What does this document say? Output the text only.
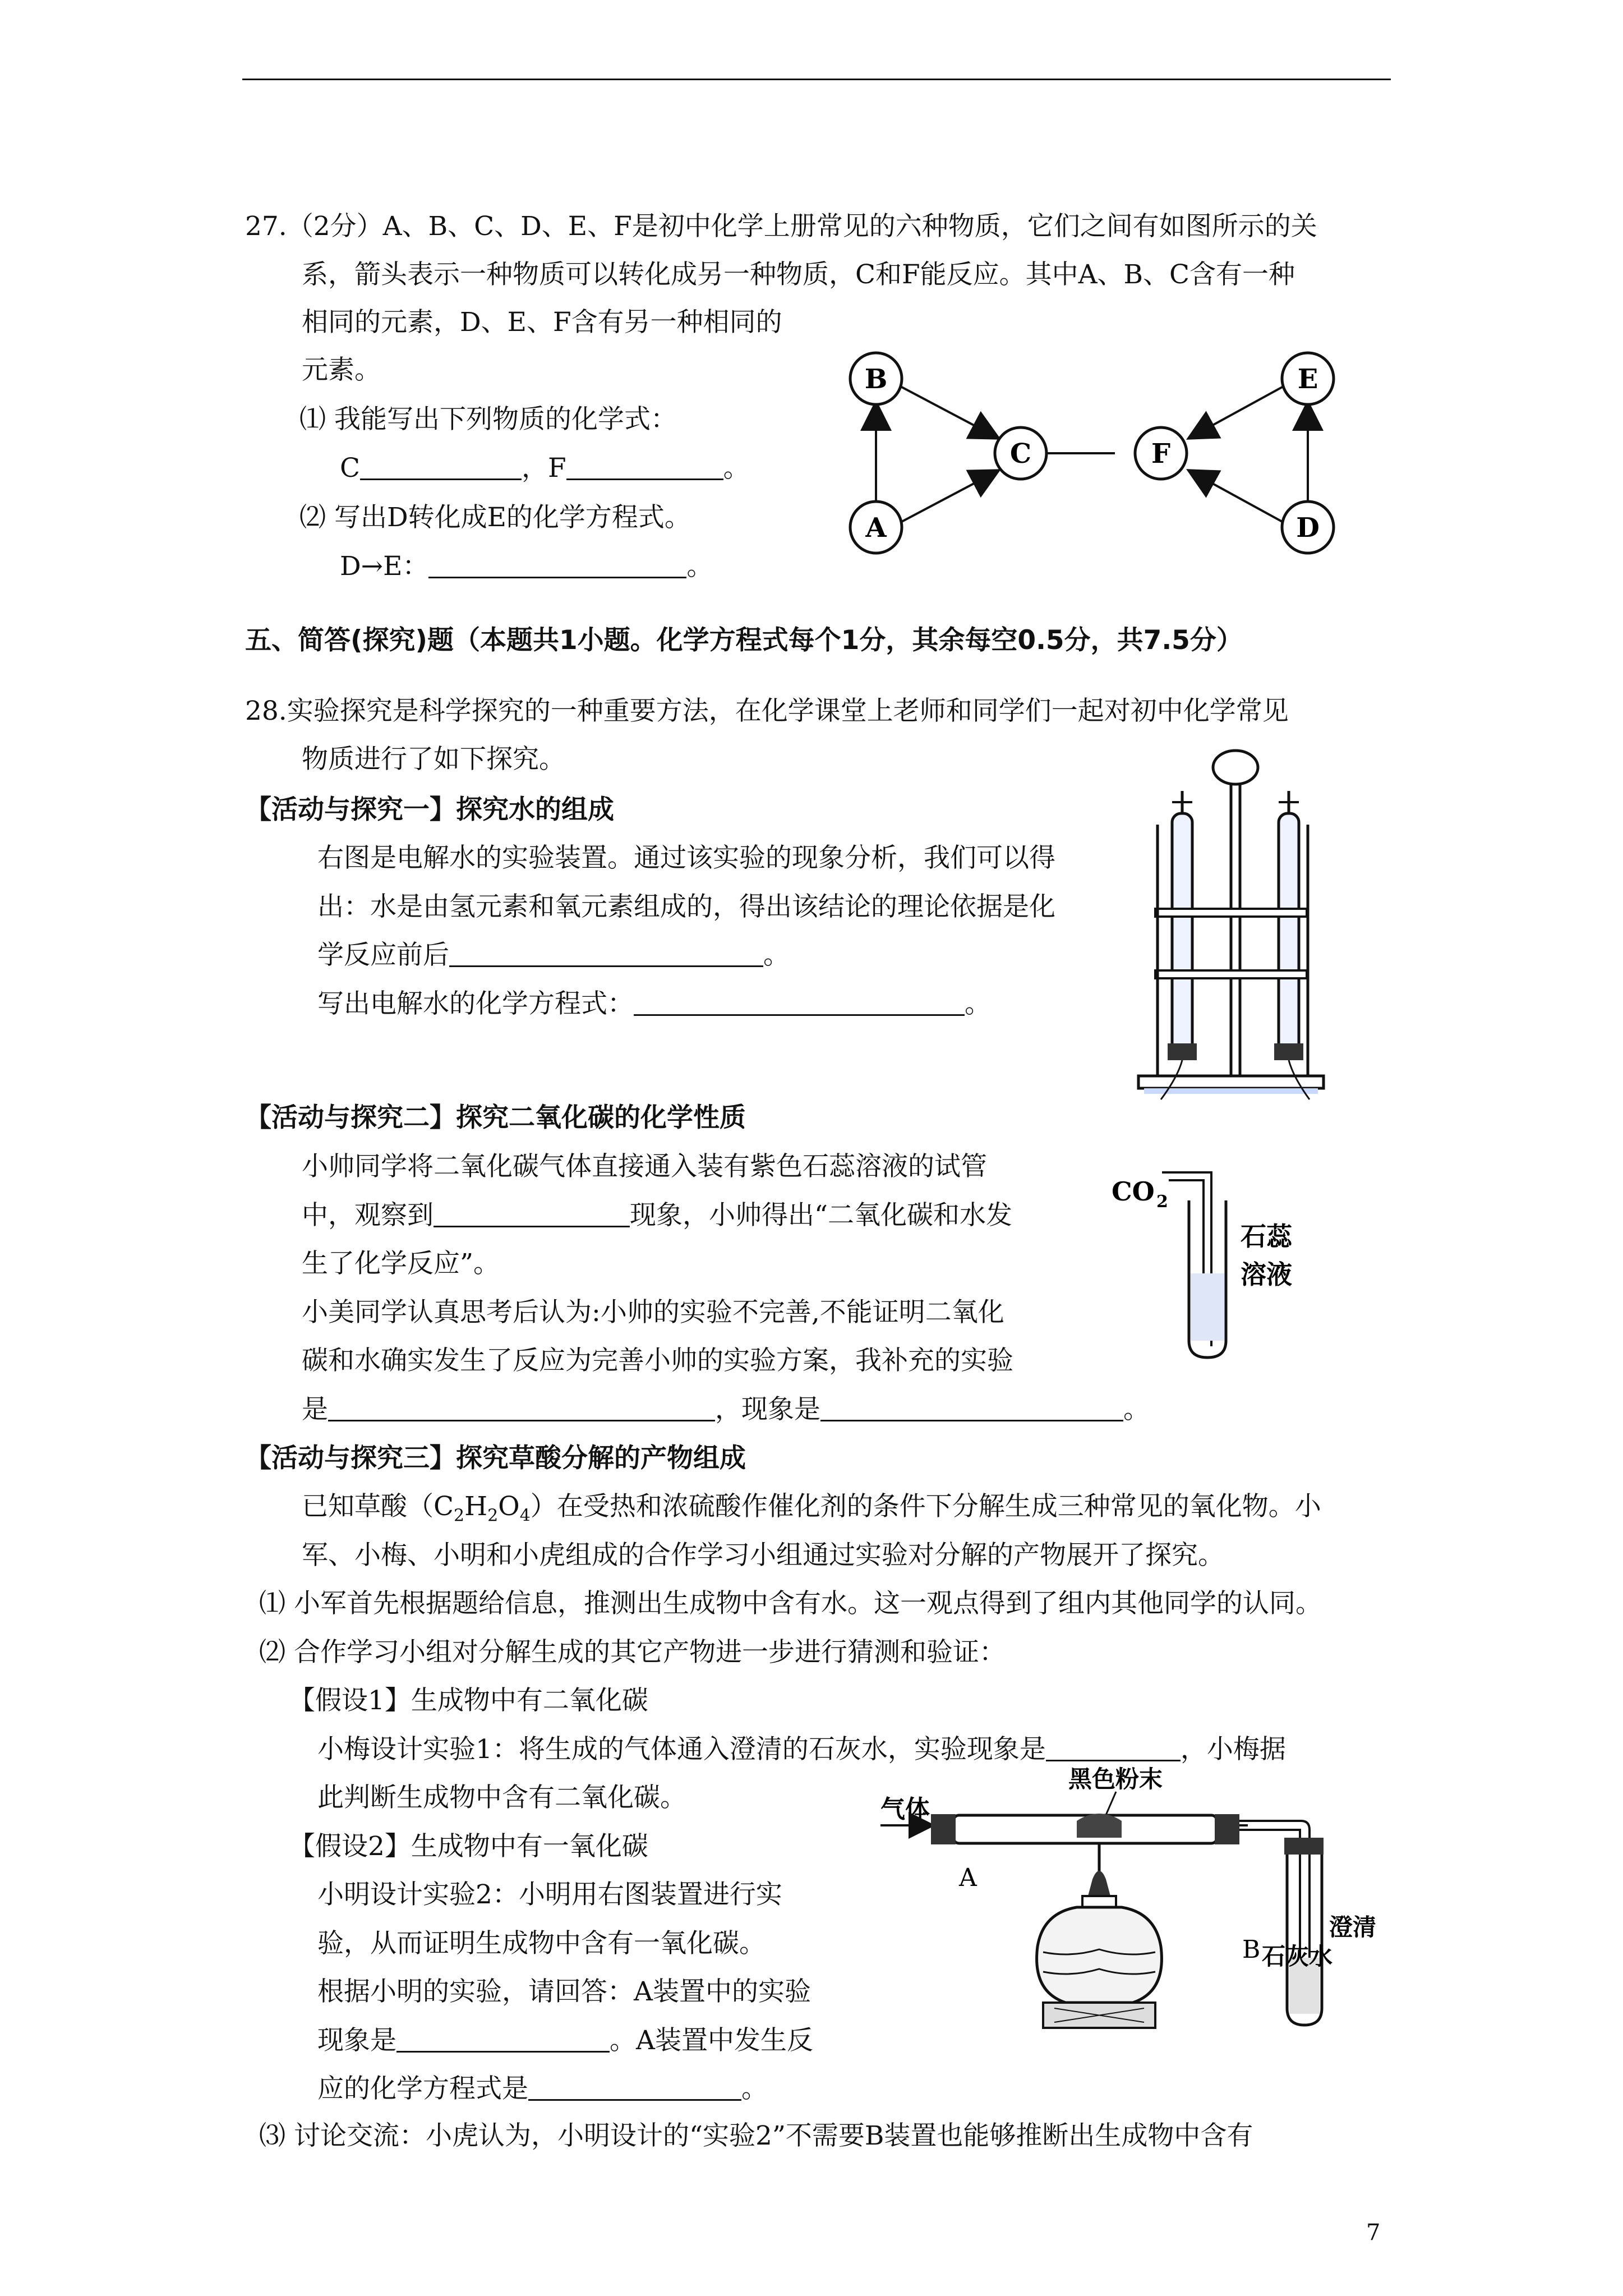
27.（2分）A、B、C、D、E、F是初中化学上册常见的六种物质，它们之间有如图所示的关
系，箭头表示一种物质可以转化成另一种物质，C和F能反应。其中A、B、C含有一种
相同的元素，D、E、F含有另一种相同的
元素。
⑴ 我能写出下列物质的化学式：
C	，F	。
⑵ 写出D转化成E的化学方程式。
D→E：	。
B
C	F
E
A	D
五、简答(探究)题（本题共1小题。化学方程式每个1分，其余每空0.5分，共7.5分）
28.实验探究是科学探究的一种重要方法，在化学课堂上老师和同学们一起对初中化学常见
物质进行了如下探究。
【活动与探究一】探究水的组成
右图是电解水的实验装置。通过该实验的现象分析，我们可以得
出：水是由氢元素和氧元素组成的，得出该结论的理论依据是化
学反应前后	。
写出电解水的化学方程式：	。
【活动与探究二】探究二氧化碳的化学性质
小帅同学将二氧化碳气体直接通入装有紫色石蕊溶液的试管
中，观察到	现象，小帅得出“二氧化碳和水发
生了化学反应”。
小美同学认真思考后认为:小帅的实验不完善,不能证明二氧化
碳和水确实发生了反应为完善小帅的实验方案，我补充的实验
是	，现象是	。
CO 2
石蕊
溶液
【活动与探究三】探究草酸分解的产物组成
已知草酸$(C_2H_2O_4)$在受热和浓硫酸作催化剂的条件下分解生成三种常见的氧化物。小
军、小梅、小明和小虎组成的合作学习小组通过实验对分解的产物展开了探究。
⑴ 小军首先根据题给信息，推测出生成物中含有水。这一观点得到了组内其他同学的认同。
⑵ 合作学习小组对分解生成的其它产物进一步进行猜测和验证：
【假设1】生成物中有二氧化碳
小梅设计实验1：将生成的气体通入澄清的石灰水，实验现象是	，小梅据
此判断生成物中含有二氧化碳。
【假设2】生成物中有一氧化碳
小明设计实验2：小明用右图装置进行实
验，从而证明生成物中含有一氧化碳。
根据小明的实验，请回答：A装置中的实验
现象是	。A装置中发生反
应的化学方程式是	。
气体
黑色粉末
A
B
澄清
石灰水
⑶ 讨论交流：小虎认为，小明设计的“实验2”不需要B装置也能够推断出生成物中含有
7
